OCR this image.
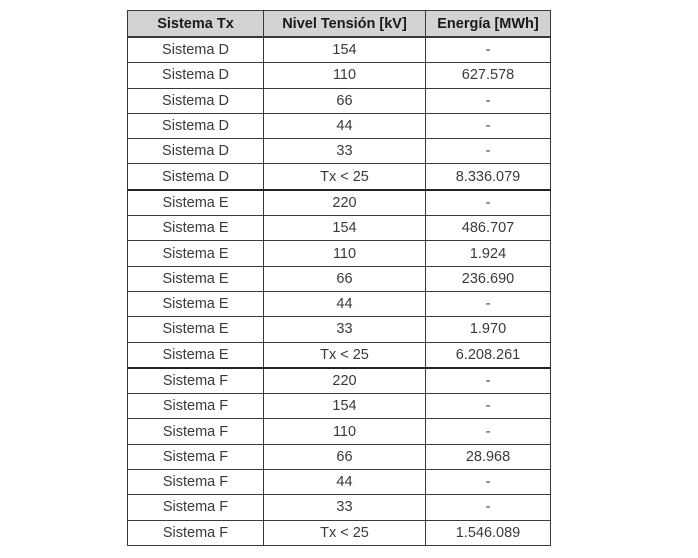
Sistema Tx	Nivel Tensión [kV]	Energía [MWh]
Sistema D	154	-
Sistema D	110	627.578
Sistema D	66	-
Sistema D	44	-
Sistema D	33	-
Sistema D	Tx < 25	8.336.079
Sistema E	220	-
Sistema E	154	486.707
Sistema E	110	1.924
Sistema E	66	236.690
Sistema E	44	-
Sistema E	33	1.970
Sistema E	Tx < 25	6.208.261
Sistema F	220	-
Sistema F	154	-
Sistema F	110	-
Sistema F	66	28.968
Sistema F	44	-
Sistema F	33	-
Sistema F	Tx < 25	1.546.089
